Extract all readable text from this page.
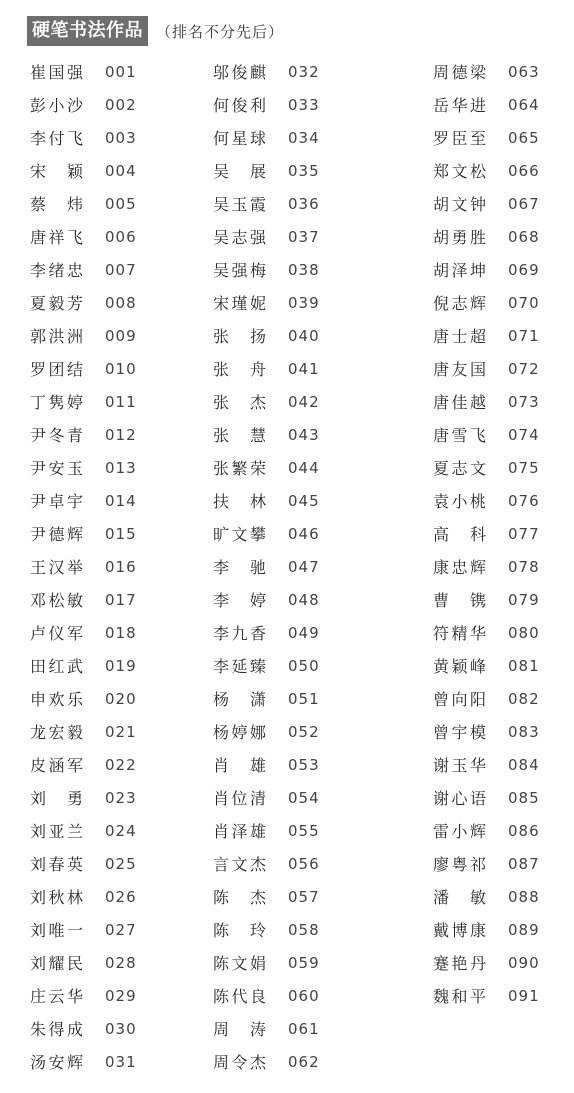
硬笔书法作品 （排名不分先后）
崔国强 001
彭小沙 002
李付飞 003
宋 颖 004
蔡 炜 005
唐祥飞 006
李绪忠 007
夏毅芳 008
郭洪洲 009
罗团结 010
丁隽婷 011
尹冬青 012
尹安玉 013
尹卓宇 014
尹德辉 015
王汉举 016
邓松敏 017
卢仪军 018
田红武 019
申欢乐 020
龙宏毅 021
皮涵军 022
刘 勇 023
刘亚兰 024
刘春英 025
刘秋林 026
刘唯一 027
刘耀民 028
庄云华 029
朱得成 030
汤安辉 031
邬俊麒 032
何俊利 033
何星球 034
吴 展 035
吴玉霞 036
吴志强 037
吴强梅 038
宋瑾妮 039
张 扬 040
张 舟 041
张 杰 042
张 慧 043
张繁荣 044
扶 林 045
旷文攀 046
李 驰 047
李 婷 048
李九香 049
李延臻 050
杨 潇 051
杨婷娜 052
肖 雄 053
肖位清 054
肖泽雄 055
言文杰 056
陈 杰 057
陈 玲 058
陈文娟 059
陈代良 060
周 涛 061
周令杰 062
周德梁 063
岳华进 064
罗臣至 065
郑文松 066
胡文钟 067
胡勇胜 068
胡泽坤 069
倪志辉 070
唐士超 071
唐友国 072
唐佳越 073
唐雪飞 074
夏志文 075
袁小桃 076
高 科 077
康忠辉 078
曹 镌 079
符精华 080
黄颖峰 081
曾向阳 082
曾宇模 083
谢玉华 084
谢心语 085
雷小辉 086
廖粤祁 087
潘 敏 088
戴博康 089
蹇艳丹 090
魏和平 091
